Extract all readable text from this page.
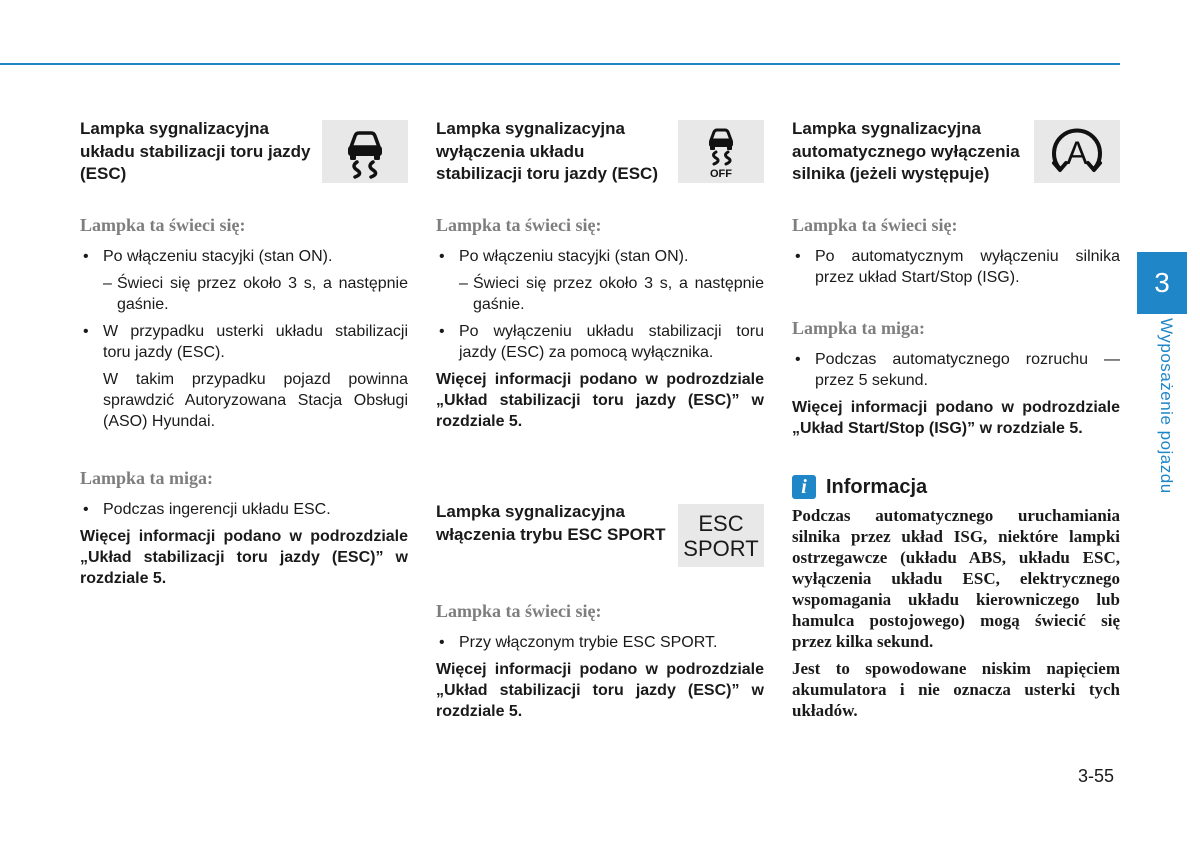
Lampka sygnalizacyjna układu stabilizacji toru jazdy (ESC)
Lampka ta świeci się:
• Po włączeniu stacyjki (stan ON).

– Świeci się przez około 3 s, a następnie gaśnie.

• W przypadku usterki układu stabilizacji toru jazdy (ESC).

W takim przypadku pojazd powinna sprawdzić Autoryzowana Stacja Obsługi (ASO) Hyundai.

Lampka ta miga:
• Podczas ingerencji układu ESC.
Więcej informacji podano w podrozdziale „Układ stabilizacji toru jazdy (ESC)” w rozdziale 5.
Lampka sygnalizacyjna wyłączenia układu stabilizacji toru jazdy (ESC)	OFF
Lampka ta świeci się:
• Po włączeniu stacyjki (stan ON).

– Świeci się przez około 3 s, a następnie gaśnie.

• Po wyłączeniu układu stabilizacji toru jazdy (ESC) za pomocą wyłącznika.
Więcej informacji podano w podrozdziale „Układ stabilizacji toru jazdy (ESC)” w rozdziale 5.
Lampka sygnalizacyjna włączenia trybu ESC SPORT	ESC
SPORT
Lampka ta świeci się:
• Przy włączonym trybie ESC SPORT.
Więcej informacji podano w podrozdziale „Układ stabilizacji toru jazdy (ESC)” w rozdziale 5.
Lampka sygnalizacyjna automatycznego wyłączenia silnika (jeżeli występuje)
A
Lampka ta świeci się:
• Po automatycznym wyłączeniu silnika przez układ Start/Stop (ISG).
Lampka ta miga:
• Podczas automatycznego rozruchu — przez 5 sekund.
Więcej informacji podano w podrozdziale „Układ Start/Stop (ISG)” w rozdziale 5.
i Informacja

Podczas automatycznego uruchamiania silnika przez układ ISG, niektóre lampki ostrzegawcze (układu ABS, układu ESC, wyłączenia układu ESC, elektrycznego wspomagania układu kierowniczego lub hamulca postojowego) mogą świecić się przez kilka sekund.

Jest to spowodowane niskim napięciem akumulatora i nie oznacza usterki tych układów.

3
Wyposażenie pojazdu
3-55
